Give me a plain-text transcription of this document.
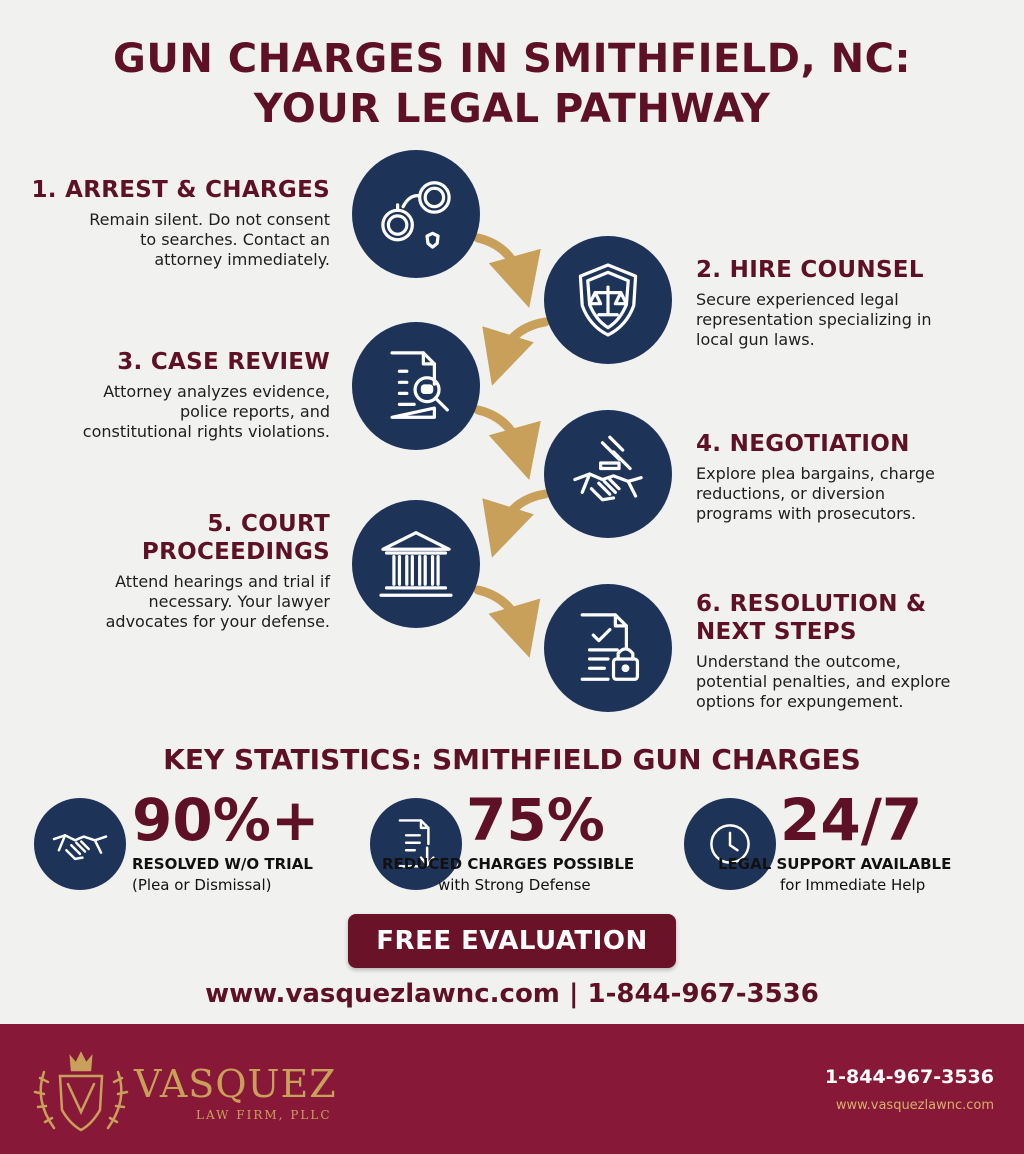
GUN CHARGES IN SMITHFIELD, NC:
YOUR LEGAL PATHWAY
1. ARREST & CHARGES
Remain silent. Do not consent
to searches. Contact an
attorney immediately.	2. HIRE COUNSEL
Secure experienced legal
representation specializing in
local gun laws.
3. CASE REVIEW
Attorney analyzes evidence,
police reports, and
constitutional rights violations.	4. NEGOTIATION
Explore plea bargains, charge
reductions, or diversion
programs with prosecutors.
5. COURT
PROCEEDINGS
Attend hearings and trial if
necessary. Your lawyer
advocates for your defense.
6. RESOLUTION &
NEXT STEPS
Understand the outcome,
potential penalties, and explore
options for expungement.
KEY STATISTICS: SMITHFIELD GUN CHARGES
90%+
RESOLVED W/O TRIAL
(Plea or Dismissal)
75%
REDUCED CHARGES POSSIBLE
with Strong Defense
24/7
LEGAL SUPPORT AVAILABLE
for Immediate Help
FREE EVALUATION
www.vasquezlawnc.com | 1-844-967-3536
VASQUEZ
LAW FIRM, PLLC
1-844-967-3536
www.vasquezlawnc.com
